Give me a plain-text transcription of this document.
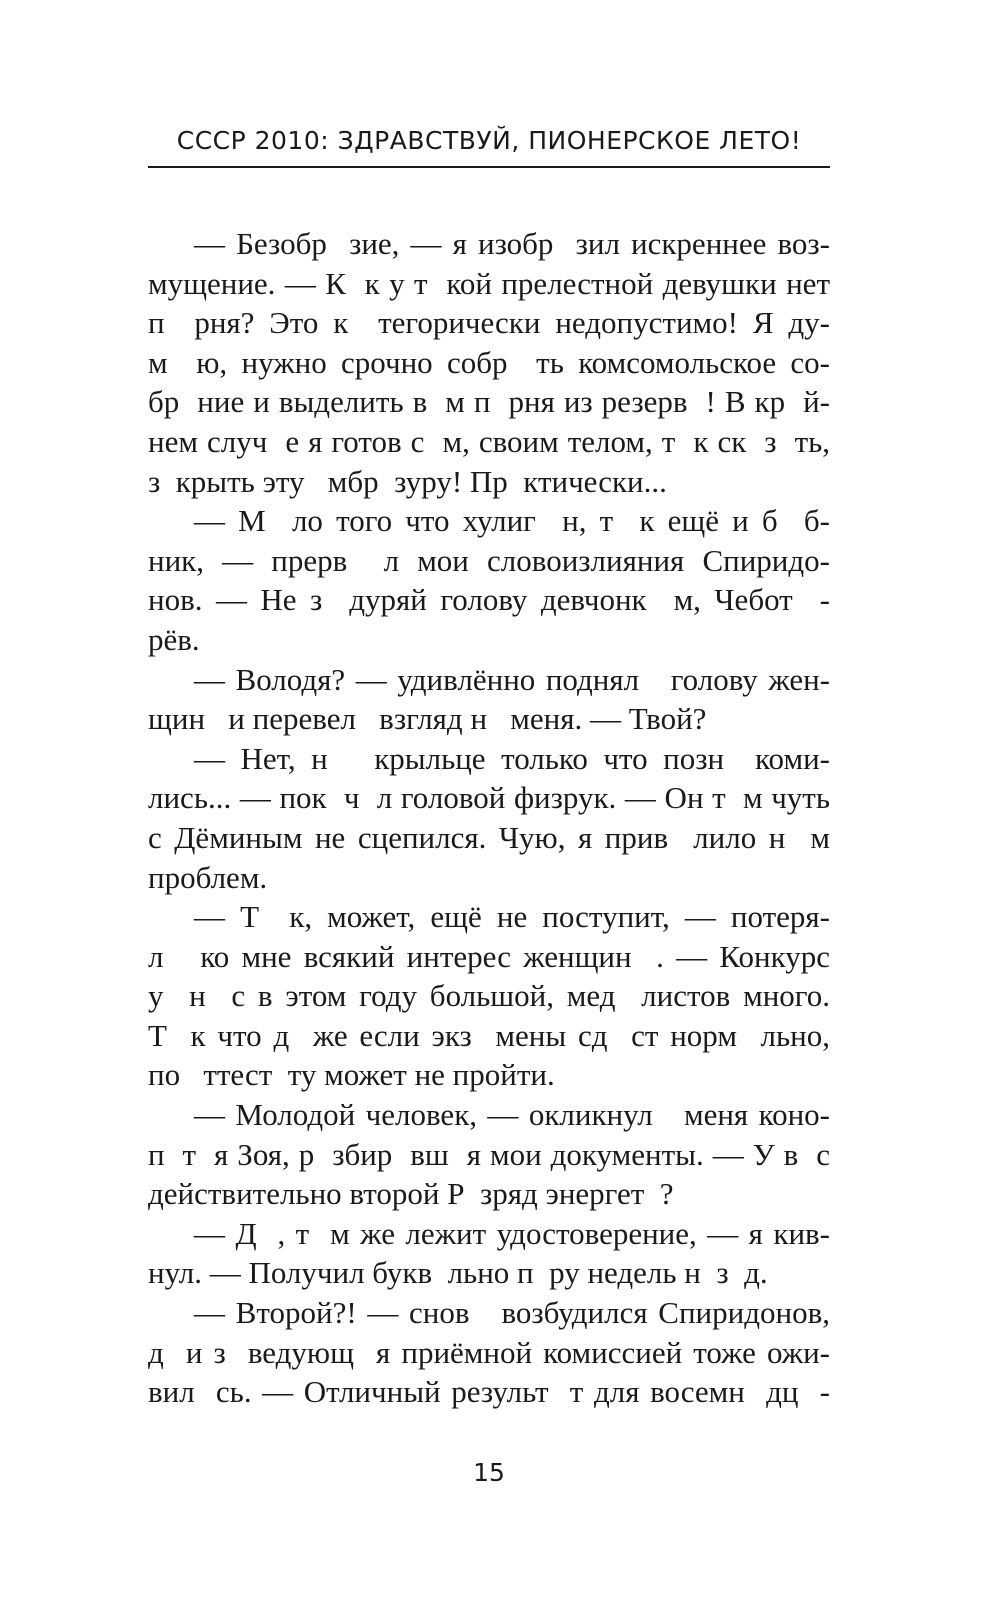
СССР 2010: ЗДРАВСТВУЙ, ПИОНЕРСКОЕ ЛЕТО!
— Безобр  зие, — я изобр  зил искреннее воз-
мущение. — К  к у т  кой прелестной девушки нет
п  рня? Это к  тегорически недопустимо! Я ду-
м  ю, нужно срочно собр  ть комсомольское со-
бр  ние и выделить в  м п  рня из резерв  ! В кр  й-
нем случ  е я готов с  м, своим телом, т  к ск  з  ть,
з  крыть эту   мбр  зуру! Пр  ктически...
— М  ло того что хулиг  н, т  к ещё и б  б-
ник, — прерв  л мои словоизлияния Спиридо-
нов. — Не з  дуряй голову девчонк  м, Чебот  -
рёв.
— Володя? — удивлённо поднял   голову жен-
щин   и перевел   взгляд н   меня. — Твой?
— Нет, н   крыльце только что позн  коми-
лись... — пок  ч  л головой физрук. — Он т  м чуть
с Дёминым не сцепился. Чую, я прив  лило н  м
проблем.
— Т  к, может, ещё не поступит, — потеря-
л   ко мне всякий интерес женщин  . — Конкурс
у  н  с в этом году большой, мед  листов много.
Т  к что д  же если экз  мены сд  ст норм  льно,
по   ттест  ту может не пройти.
— Молодой человек, — окликнул   меня коно-
п  т  я Зоя, р  збир  вш  я мои документы. — У в  с
действительно второй Р  зряд энергет  ?
— Д  , т  м же лежит удостоверение, — я кив-
нул. — Получил букв  льно п  ру недель н  з  д.
— Второй?! — снов   возбудился Спиридонов,
д  и з  ведующ  я приёмной комиссией тоже ожи-
вил  сь. — Отличный результ  т для восемн  дц  -
15
